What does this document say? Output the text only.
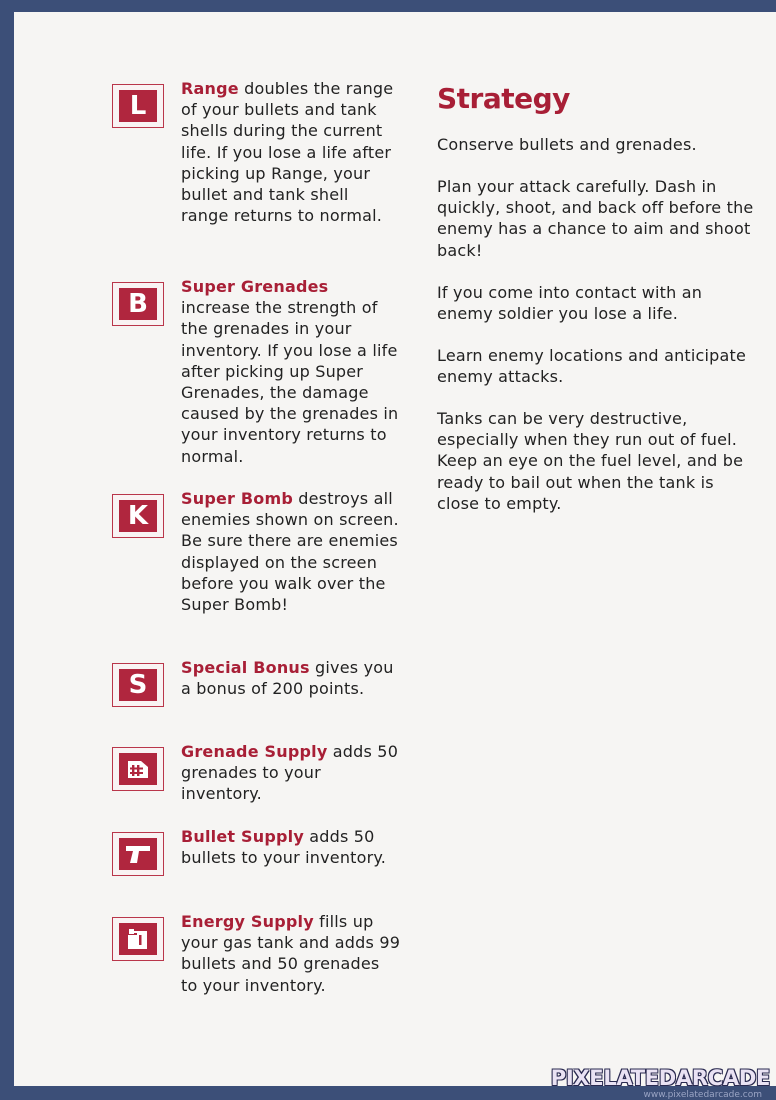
L

Range doubles the range of your bullets and tank shells during the current life. If you lose a life after picking up Range, your bullet and tank shell range returns to normal.

B

Super Grenades increase the strength of the grenades in your inventory. If you lose a life after picking up Super Grenades, the damage caused by the grenades in your inventory returns to normal.

K

Super Bomb destroys all enemies shown on screen. Be sure there are enemies displayed on the screen before you walk over the Super Bomb!

S

Special Bonus gives you a bonus of 200 points.

Grenade Supply adds 50 grenades to your inventory.

Bullet Supply adds 50 bullets to your inventory.

Energy Supply fills up your gas tank and adds 99 bullets and 50 grenades to your inventory.

Strategy

Conserve bullets and grenades.

Plan your attack carefully. Dash in quickly, shoot, and back off before the enemy has a chance to aim and shoot back!

If you come into contact with an enemy soldier you lose a life.

Learn enemy locations and anticipate enemy attacks.

Tanks can be very destructive, especially when they run out of fuel. Keep an eye on the fuel level, and be ready to bail out when the tank is close to empty.

PIXELATEDARCADE
www.pixelatedarcade.com
